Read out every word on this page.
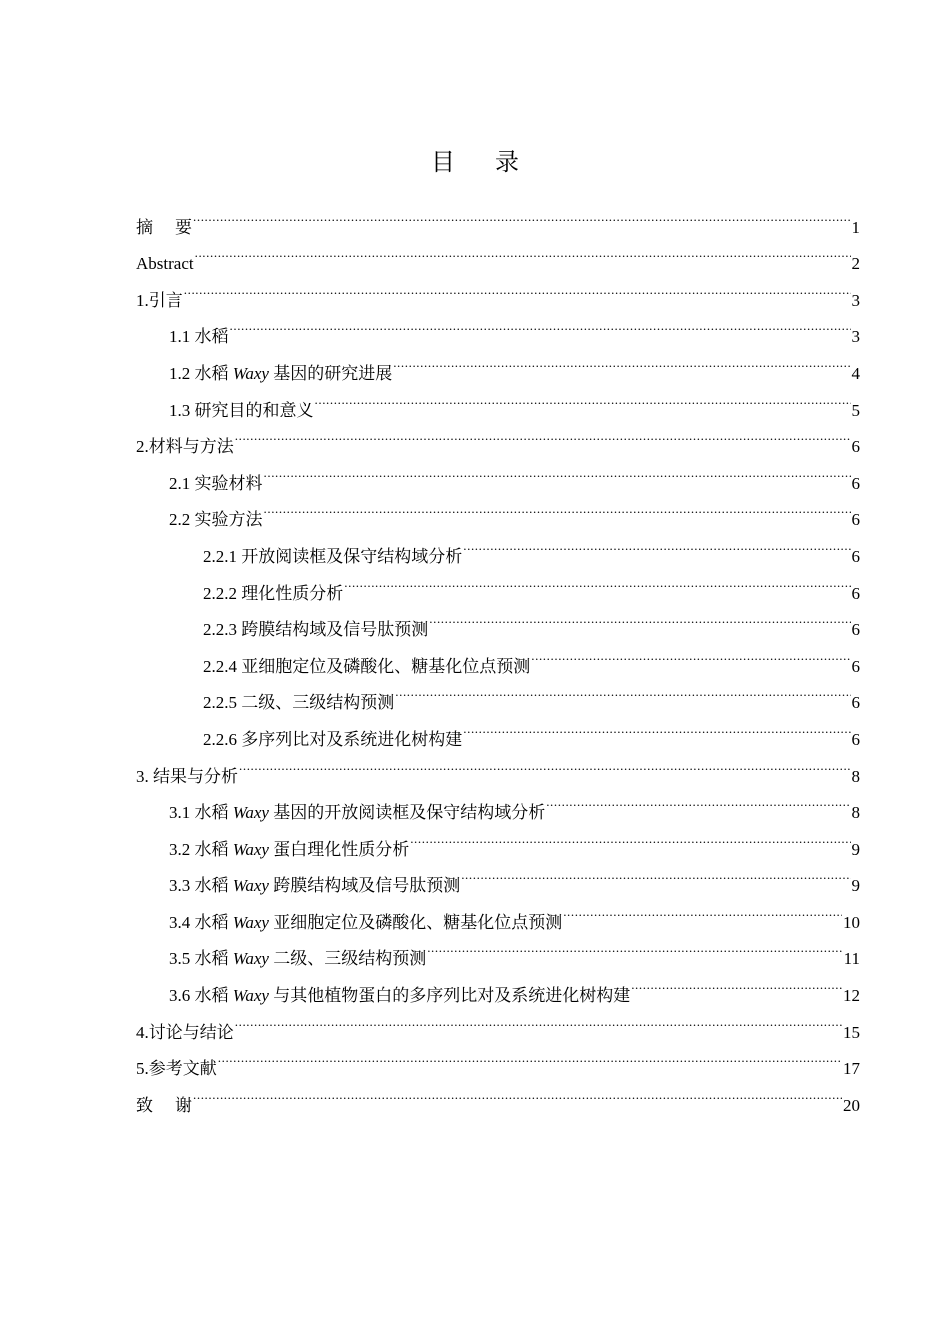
目 录
摘 要 .....	1
Abstract .....	2
1.引言 .....	3
1.1 水稻 .....	3
1.2 水稻 Waxy 基因的研究进展 .....	4
1.3 研究目的和意义 .....	5
2.材料与方法 .....	6
2.1 实验材料 .....	6
2.2 实验方法 .....	6
2.2.1 开放阅读框及保守结构域分析 .....	6
2.2.2 理化性质分析 .....	6
2.2.3 跨膜结构域及信号肽预测 .....	6
2.2.4 亚细胞定位及磷酸化、糖基化位点预测 .....	6
2.2.5 二级、三级结构预测 .....	6
2.2.6 多序列比对及系统进化树构建 .....	6
3. 结果与分析 .....	8
3.1 水稻 Waxy 基因的开放阅读框及保守结构域分析 .....	8
3.2 水稻 Waxy 蛋白理化性质分析 .....	9
3.3 水稻 Waxy 跨膜结构域及信号肽预测 .....	9
3.4 水稻 Waxy 亚细胞定位及磷酸化、糖基化位点预测 .....	10
3.5 水稻 Waxy 二级、三级结构预测 .....	11
3.6 水稻 Waxy 与其他植物蛋白的多序列比对及系统进化树构建 .....	12
4.讨论与结论 .....	15
5.参考文献 .....	17
致 谢 .....	20
